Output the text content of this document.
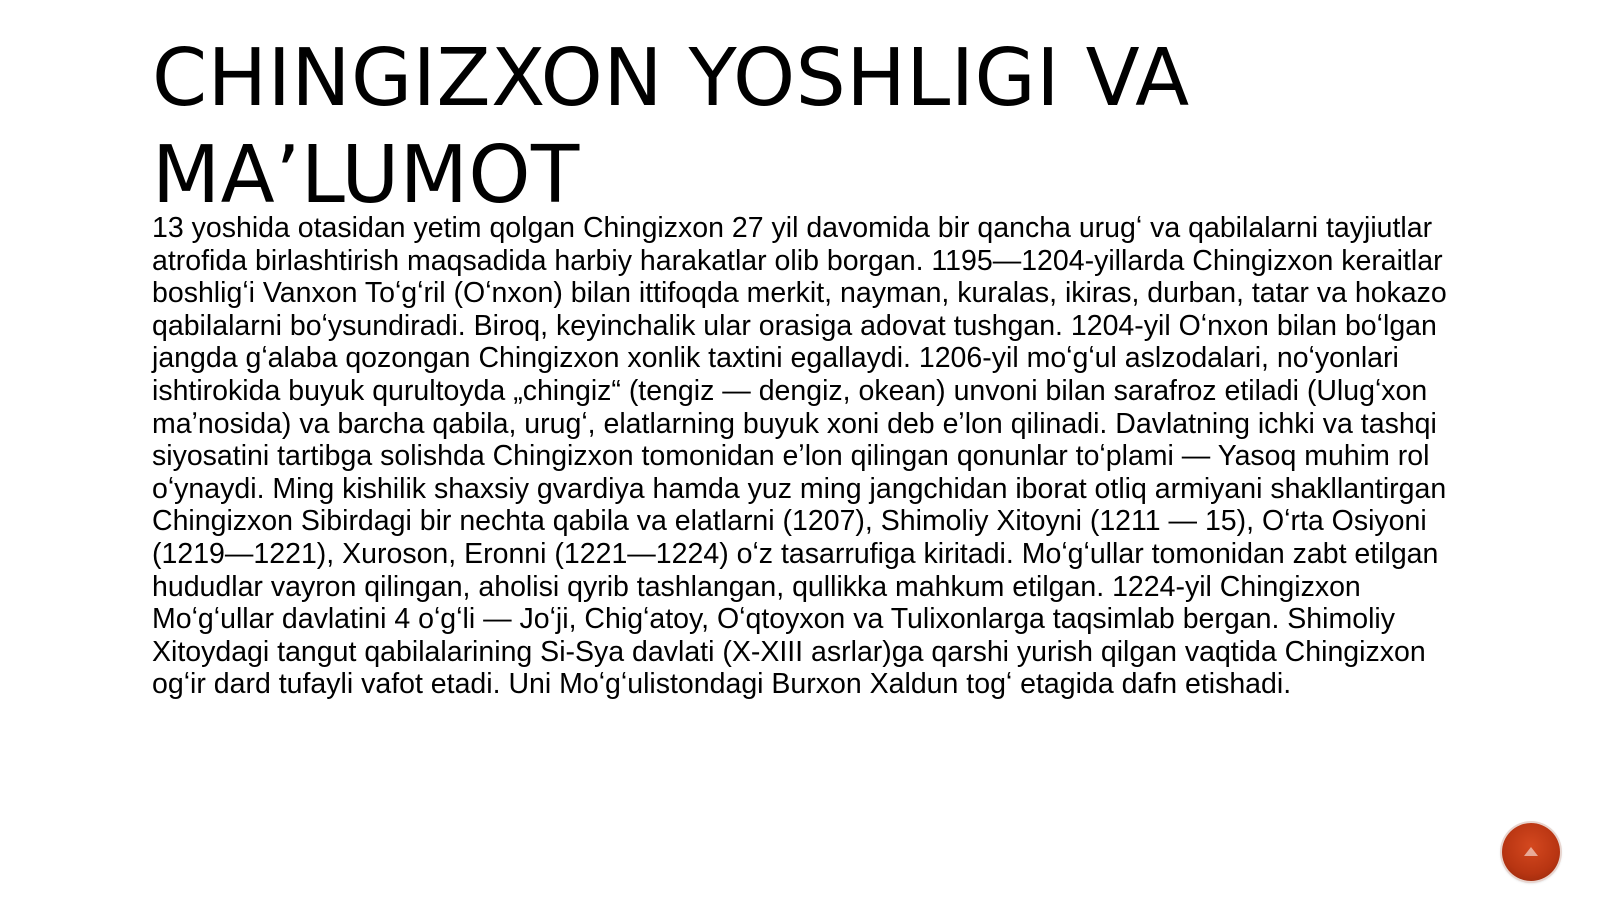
CHINGIZXON YOSHLIGI VA MA’LUMOT

13 yoshida otasidan yetim qolgan Chingizxon 27 yil davomida bir qancha urugʻ va qabilalarni tayjiutlar atrofida birlashtirish maqsadida harbiy harakatlar olib borgan. 1195—1204-yillarda Chingizxon keraitlar boshligʻi Vanxon Toʻgʻril (Oʻnxon) bilan ittifoqda merkit, nayman, kuralas, ikiras, durban, tatar va hokazo qabilalarni boʻysundiradi. Biroq, keyinchalik ular orasiga adovat tushgan. 1204-yil Oʻnxon bilan boʻlgan jangda gʻalaba qozongan Chingizxon xonlik taxtini egallaydi. 1206-yil moʻgʻul aslzodalari, noʻyonlari ishtirokida buyuk qurultoyda „chingiz“ (tengiz — dengiz, okean) unvoni bilan sarafroz etiladi (Ulugʻxon maʼnosida) va barcha qabila, urugʻ, elatlarning buyuk xoni deb eʼlon qilinadi. Davlatning ichki va tashqi siyosatini tartibga solishda Chingizxon tomonidan eʼlon qilingan qonunlar toʻplami — Yasoq muhim rol oʻynaydi. Ming kishilik shaxsiy gvardiya hamda yuz ming jangchidan iborat otliq armiyani shakllantirgan Chingizxon Sibirdagi bir nechta qabila va elatlarni (1207), Shimoliy Xitoyni (1211 — 15), Oʻrta Osiyoni (1219—1221), Xuroson, Eronni (1221—1224) oʻz tasarrufiga kiritadi. Moʻgʻullar tomonidan zabt etilgan hududlar vayron qilingan, aholisi qyrib tashlangan, qullikka mahkum etilgan. 1224-yil Chingizxon Moʻgʻullar davlatini 4 oʻgʻli — Joʻji, Chigʻatoy, Oʻqtoyxon va Tulixonlarga taqsimlab bergan. Shimoliy Xitoydagi tangut qabilalarining Si-Sya davlati (X-XIII asrlar)ga qarshi yurish qilgan vaqtida Chingizxon ogʻir dard tufayli vafot etadi. Uni Moʻgʻulistondagi Burxon Xaldun togʻ etagida dafn etishadi.
